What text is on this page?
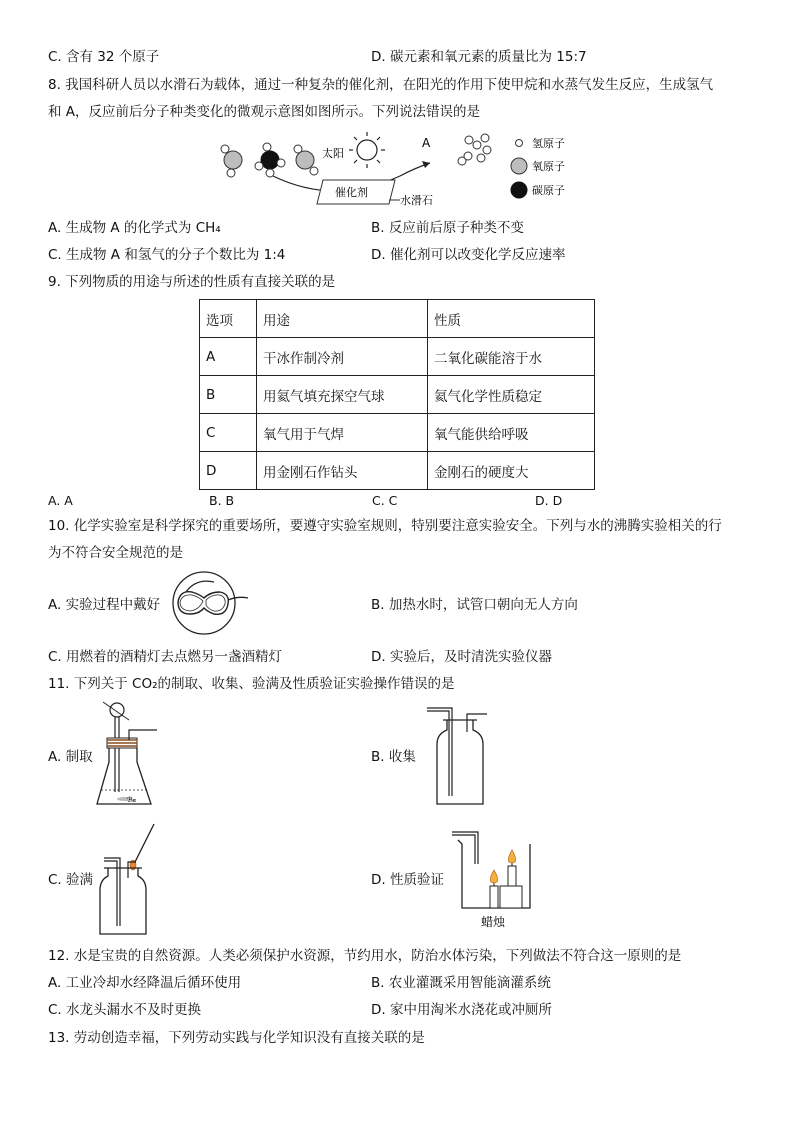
C. 含有 32 个原子	D. 碳元素和氧元素的质量比为 15:7
8. 我国科研人员以水滑石为载体，通过一种复杂的催化剂，在阳光的作用下使甲烷和水蒸气发生反应，生成氢气
和 A，反应前后分子种类变化的微观示意图如图所示。下列说法错误的是
太阳
催化剂
水滑石
A	氢原子
氧原子
碳原子
A. 生成物 A 的化学式为 CH₄	B. 反应前后原子种类不变
C. 生成物 A 和氢气的分子个数比为 1:4	D. 催化剂可以改变化学反应速率
9. 下列物质的用途与所述的性质有直接关联的是
选项	用途	性质
A	干冰作制冷剂	二氧化碳能溶于水
B	用氦气填充探空气球	氦气化学性质稳定
C	氧气用于气焊	氧气能供给呼吸
D	用金刚石作钻头	金刚石的硬度大
A. A	B. B	C. C	D. D
10. 化学实验室是科学探究的重要场所，要遵守实验室规则，特别要注意实验安全。下列与水的沸腾实验相关的行
为不符合安全规范的是
A. 实验过程中戴好	B. 加热水时，试管口朝向无人方向
C. 用燃着的酒精灯去点燃另一盏酒精灯	D. 实验后，及时清洗实验仪器
11. 下列关于 CO₂的制取、收集、验满及性质验证实验操作错误的是
A. 制取
ℬ𝒶
B. 收集
C. 验满	D. 性质验证
蜡烛
12. 水是宝贵的自然资源。人类必须保护水资源，节约用水，防治水体污染，下列做法不符合这一原则的是
A. 工业冷却水经降温后循环使用	B. 农业灌溉采用智能滴灌系统
C. 水龙头漏水不及时更换	D. 家中用淘米水浇花或冲厕所
13. 劳动创造幸福，下列劳动实践与化学知识没有直接关联的是
